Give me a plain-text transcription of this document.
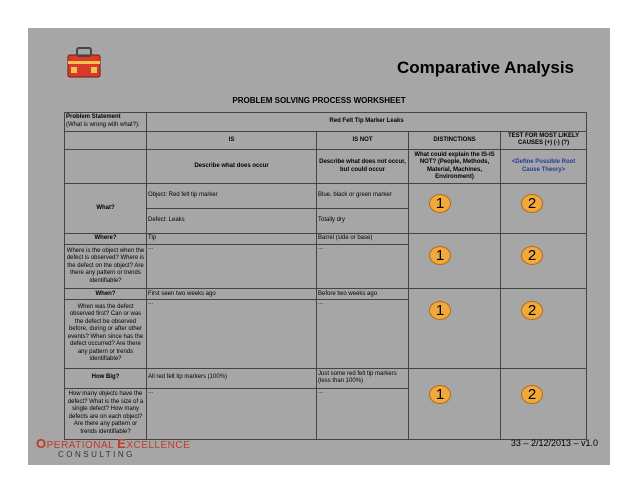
Comparative Analysis
PROBLEM SOLVING PROCESS WORKSHEET
Problem Statement
(What is wrong with what?):	Red Felt Tip Marker Leaks			
	IS	IS NOT	DISTINCTIONS	TEST FOR MOST LIKELY CAUSES (+) (-) (?)
	Describe what does occur	Describe what does not occur, but could occur	What could explain the IS-IS NOT? (People, Methods, Material, Machines, Environment)	<Define Possible Root Cause Theory>
What?	Object: Red felt tip marker	Blue, black or green marker	1	2

	Defect: Leaks	Totally dry		
Where?	Tip	Barrel (side or base)	1	2

Where is the object when the defect is observed? Where is the defect on the object? Are there any pattern or trends identifiable?	...	...		
When?	First seen two weeks ago	Before two weeks ago	1	2

When was the defect observed first? Can or was the defect be observed before, during or after other events? When since has the defect occurred? Are there any pattern or trends identifiable?	...	...		
How Big?	All red felt tip markers (100%)	Just some red felt tip markers (less than 100%)	1	2

How many objects have the defect? What is the size of a single defect? How many defects are on each object? Are there any pattern or trends identifiable?	...	...		
OPERATIONAL EXCELLENCE
CONSULTING
33 – 2/12/2013 – v1.0
